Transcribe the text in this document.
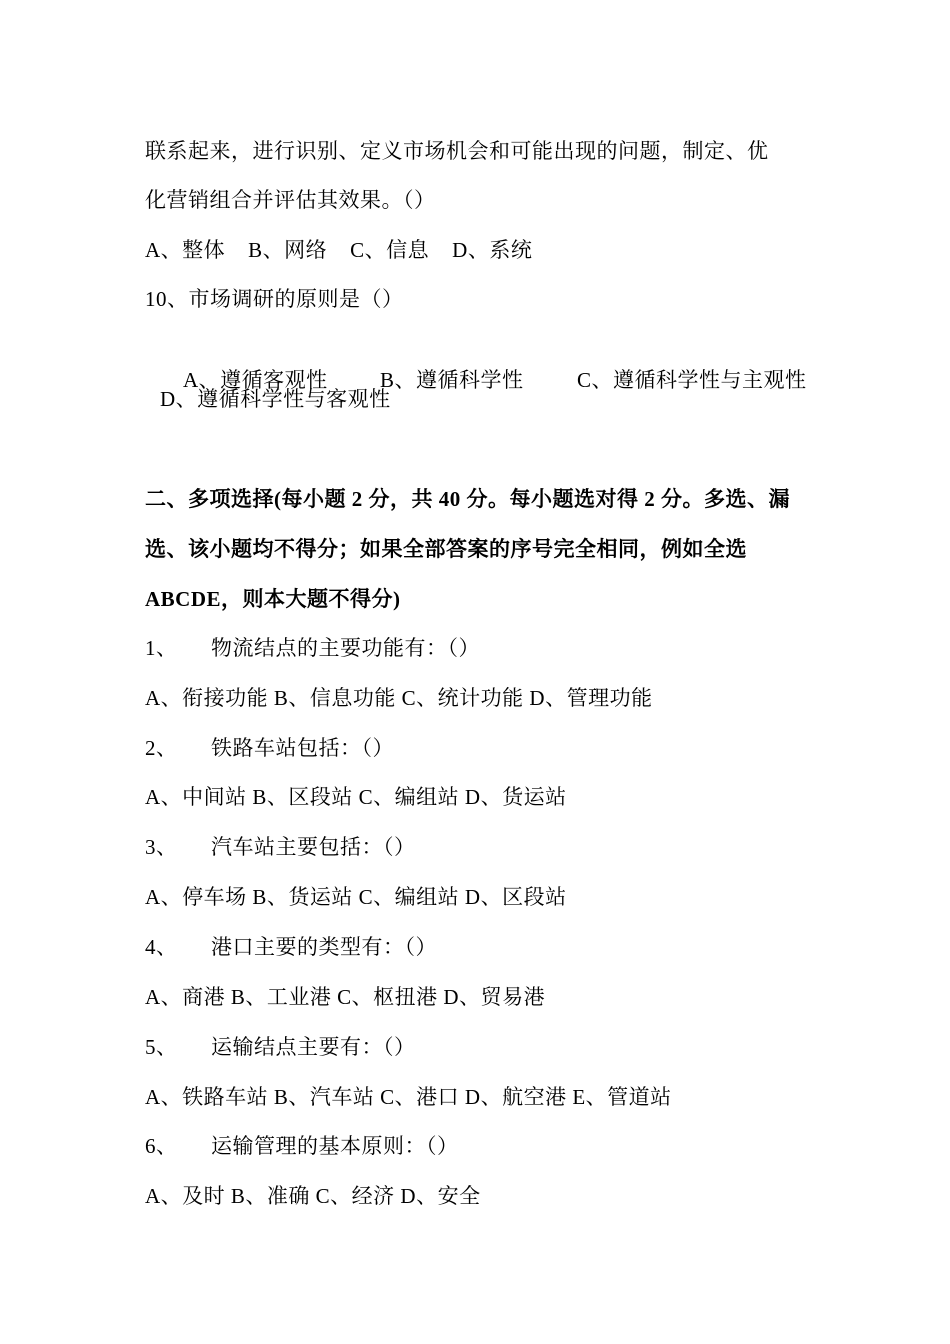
联系起来，进行识别、定义市场机会和可能出现的问题，制定、优
化营销组合并评估其效果。（）
A、整体    B、网络    C、信息    D、系统
10、市场调研的原则是（）

A、遵循客观性 B、遵循科学性	C、遵循科学性与主观性

D、遵循科学性与客观性
二、多项选择(每小题 2 分，共 40 分。每小题选对得 2 分。多选、漏
选、该小题均不得分；如果全部答案的序号完全相同，例如全选
ABCDE，则本大题不得分)
1、 物流结点的主要功能有：（）
A、衔接功能 B、信息功能 C、统计功能 D、管理功能
2、 铁路车站包括：（）
A、中间站 B、区段站 C、编组站 D、货运站
3、 汽车站主要包括：（）
A、停车场 B、货运站 C、编组站 D、区段站
4、 港口主要的类型有：（）
A、商港 B、工业港 C、枢扭港 D、贸易港
5、 运输结点主要有：（）
A、铁路车站 B、汽车站 C、港口 D、航空港 E、管道站
6、 运输管理的基本原则：（）
A、及时 B、准确 C、经济 D、安全
